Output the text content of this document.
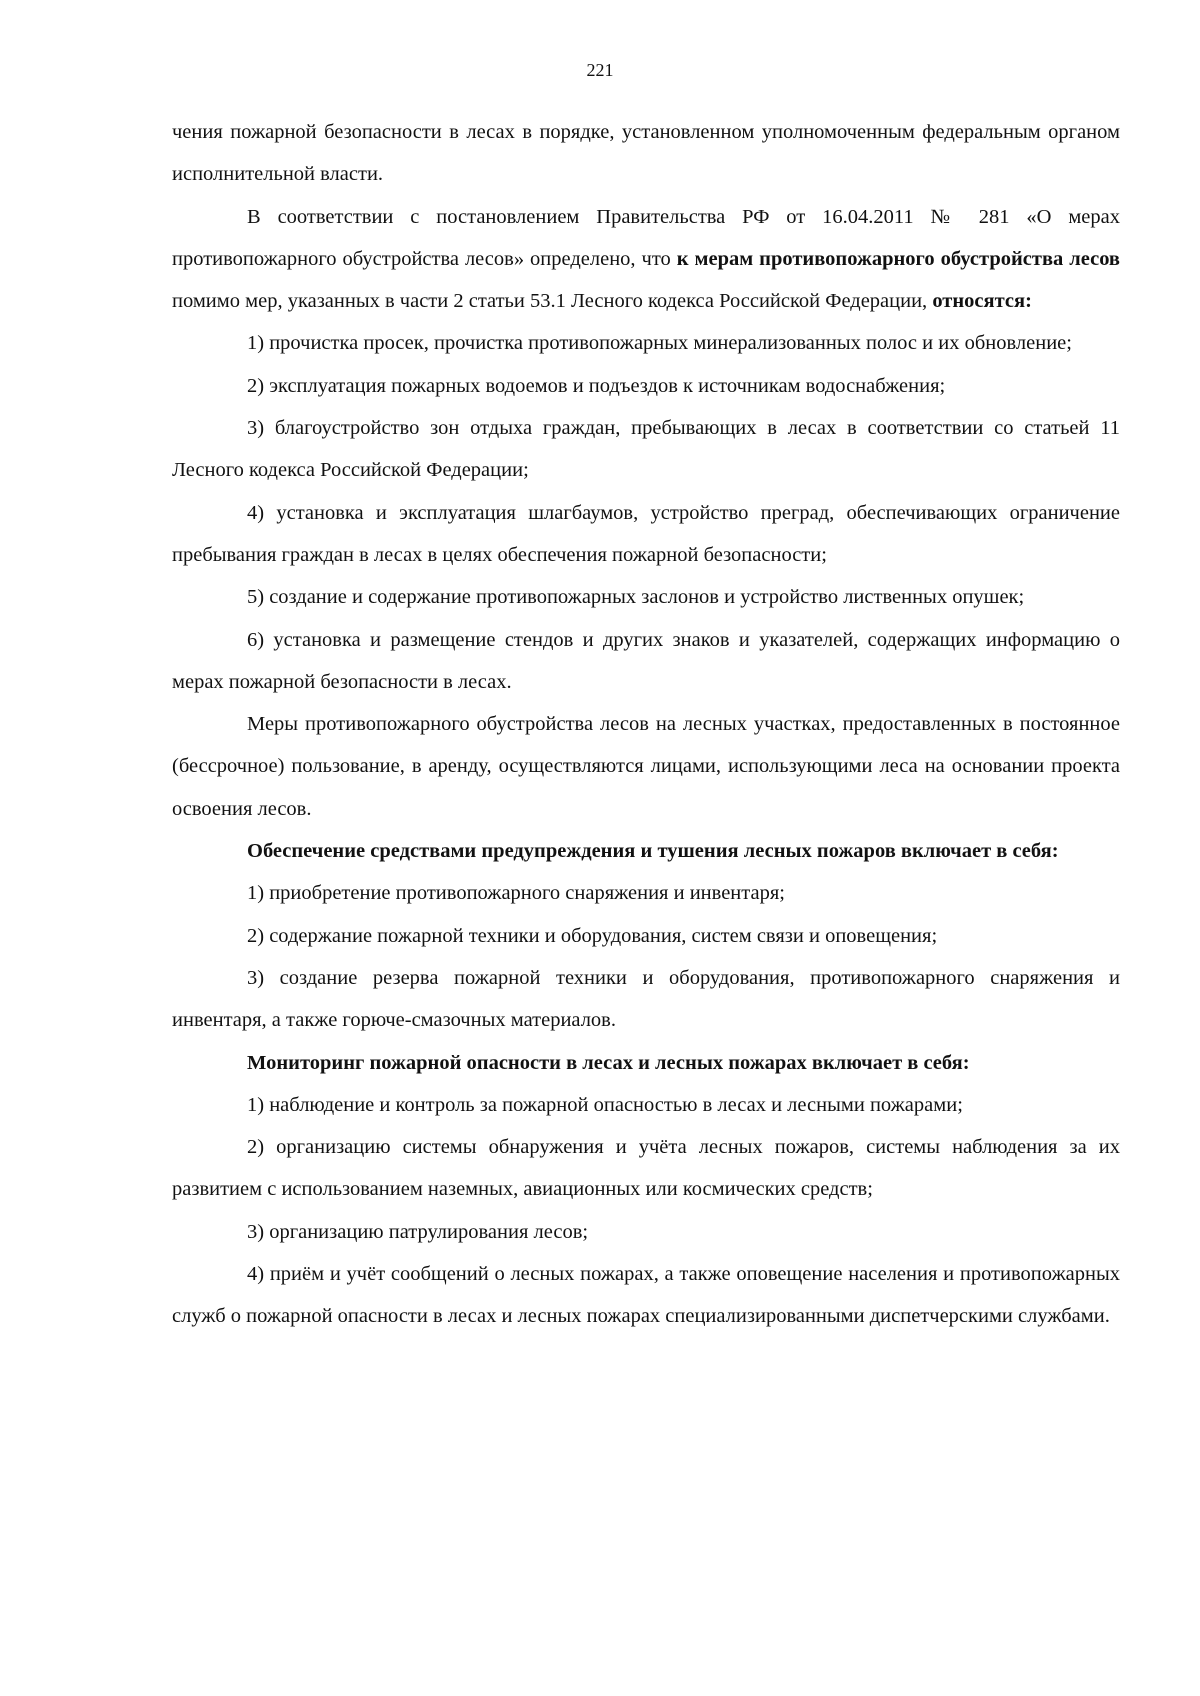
221

чения пожарной безопасности в лесах в порядке, установленном уполномоченным федеральным органом исполнительной власти.

В соответствии с постановлением Правительства РФ от 16.04.2011 № 281 «О мерах противопожарного обустройства лесов» определено, что к мерам противопожарного обустройства лесов помимо мер, указанных в части 2 статьи 53.1 Лесного кодекса Российской Федерации, относятся:

1) прочистка просек, прочистка противопожарных минерализованных полос и их обновление;

2) эксплуатация пожарных водоемов и подъездов к источникам водоснабжения;

3) благоустройство зон отдыха граждан, пребывающих в лесах в соответствии со статьей 11 Лесного кодекса Российской Федерации;

4) установка и эксплуатация шлагбаумов, устройство преград, обеспечивающих ограничение пребывания граждан в лесах в целях обеспечения пожарной безопасности;

5) создание и содержание противопожарных заслонов и устройство лиственных опушек;

6) установка и размещение стендов и других знаков и указателей, содержащих информацию о мерах пожарной безопасности в лесах.

Меры противопожарного обустройства лесов на лесных участках, предоставленных в постоянное (бессрочное) пользование, в аренду, осуществляются лицами, использующими леса на основании проекта освоения лесов.

Обеспечение средствами предупреждения и тушения лесных пожаров включает в себя:

1) приобретение противопожарного снаряжения и инвентаря;

2) содержание пожарной техники и оборудования, систем связи и оповещения;

3) создание резерва пожарной техники и оборудования, противопожарного снаряжения и инвентаря, а также горюче-смазочных материалов.

Мониторинг пожарной опасности в лесах и лесных пожарах включает в себя:

1) наблюдение и контроль за пожарной опасностью в лесах и лесными пожарами;

2) организацию системы обнаружения и учёта лесных пожаров, системы наблюдения за их развитием с использованием наземных, авиационных или космических средств;

3) организацию патрулирования лесов;

4) приём и учёт сообщений о лесных пожарах, а также оповещение населения и противопожарных служб о пожарной опасности в лесах и лесных пожарах специализированными диспетчерскими службами.
